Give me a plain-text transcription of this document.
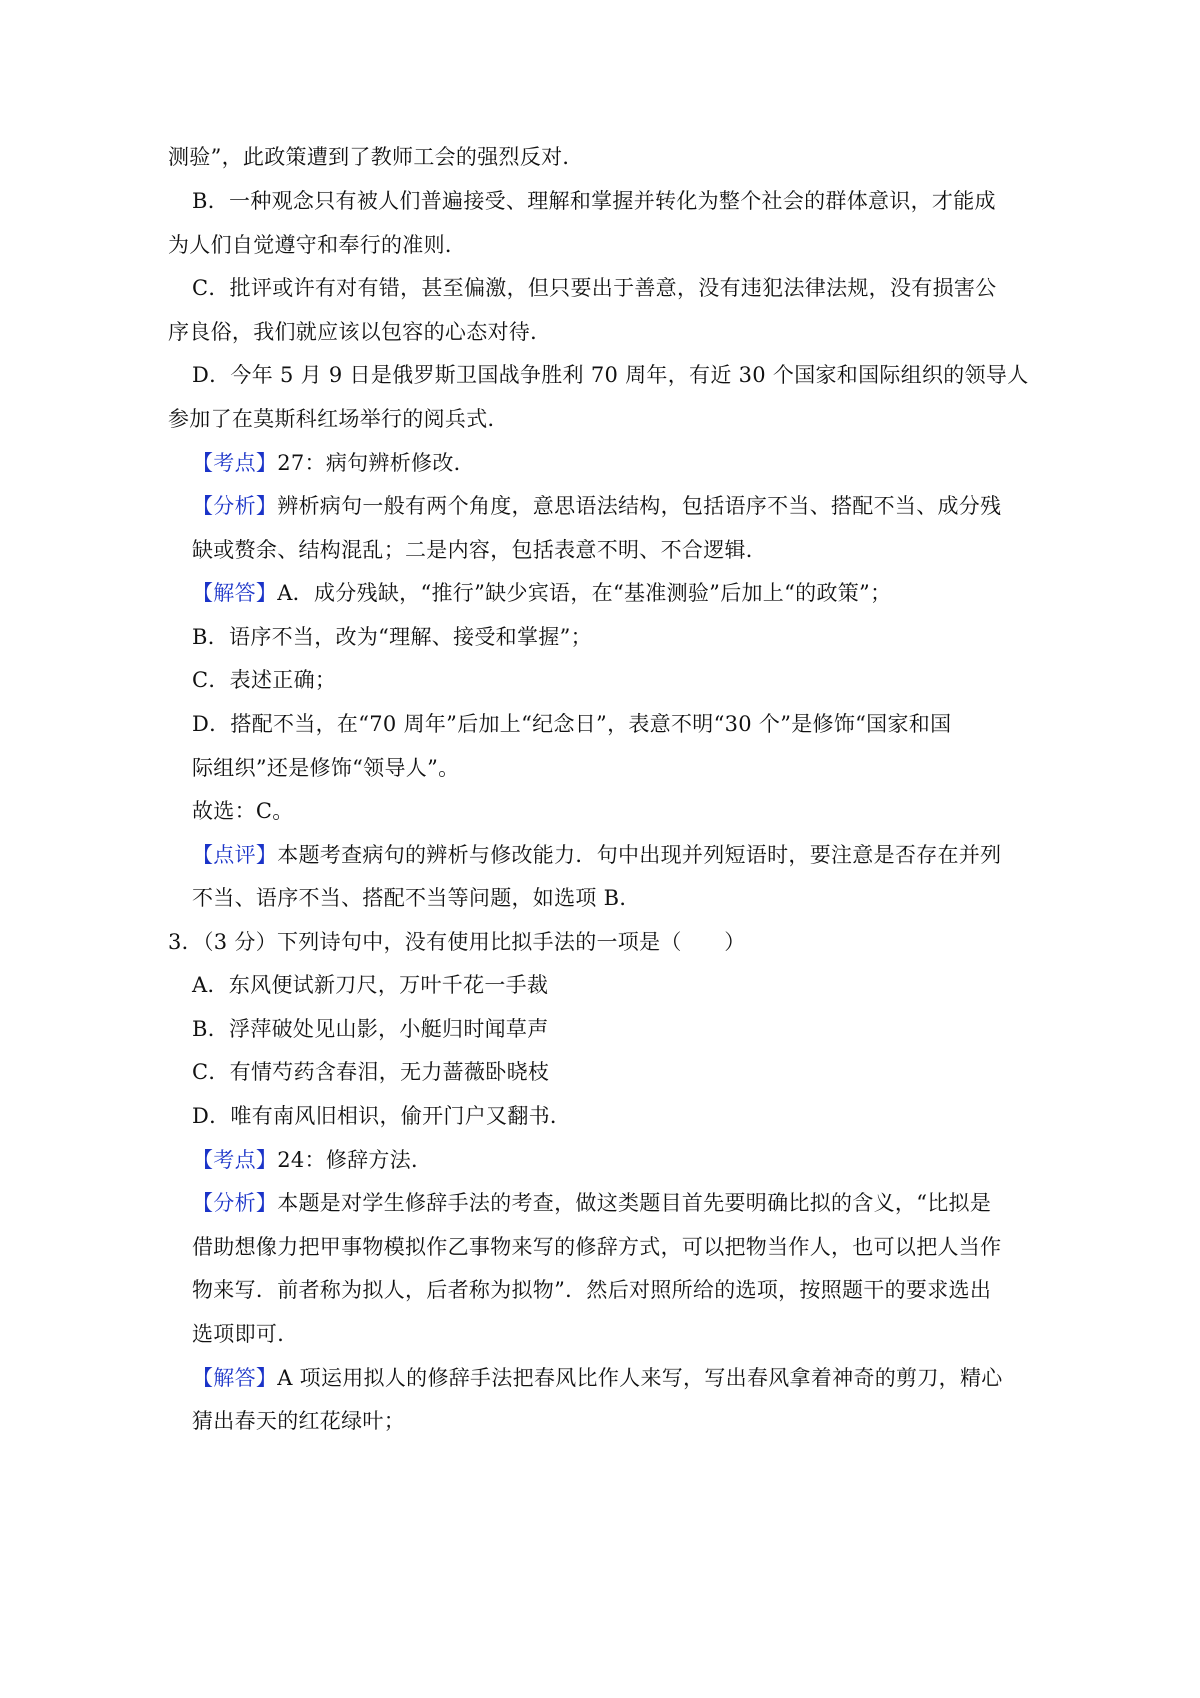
测验”，此政策遭到了教师工会的强烈反对．
B．一种观念只有被人们普遍接受、理解和掌握并转化为整个社会的群体意识，才能成
为人们自觉遵守和奉行的准则．
C．批评或许有对有错，甚至偏激，但只要出于善意，没有违犯法律法规，没有损害公
序良俗，我们就应该以包容的心态对待．
D．今年 5 月 9 日是俄罗斯卫国战争胜利 70 周年，有近 30 个国家和国际组织的领导人
参加了在莫斯科红场举行的阅兵式．
【考点】27：病句辨析修改．
【分析】辨析病句一般有两个角度，意思语法结构，包括语序不当、搭配不当、成分残
缺或赘余、结构混乱；二是内容，包括表意不明、不合逻辑．
【解答】A．成分残缺，“推行”缺少宾语，在“基准测验”后加上“的政策”；
B．语序不当，改为“理解、接受和掌握”；
C．表述正确；
D．搭配不当，在“70 周年”后加上“纪念日”，表意不明“30 个”是修饰“国家和国
际组织”还是修饰“领导人”。
故选：C。
【点评】本题考查病句的辨析与修改能力．句中出现并列短语时，要注意是否存在并列
不当、语序不当、搭配不当等问题，如选项 B．
3．（3 分）下列诗句中，没有使用比拟手法的一项是（　　）
A．东风便试新刀尺，万叶千花一手裁
B．浮萍破处见山影，小艇归时闻草声
C．有情芍药含春泪，无力蔷薇卧晓枝
D．唯有南风旧相识，偷开门户又翻书．
【考点】24：修辞方法．
【分析】本题是对学生修辞手法的考查，做这类题目首先要明确比拟的含义，“比拟是
借助想像力把甲事物模拟作乙事物来写的修辞方式，可以把物当作人，也可以把人当作
物来写．前者称为拟人，后者称为拟物”．然后对照所给的选项，按照题干的要求选出
选项即可．
【解答】A 项运用拟人的修辞手法把春风比作人来写，写出春风拿着神奇的剪刀，精心
猜出春天的红花绿叶；
